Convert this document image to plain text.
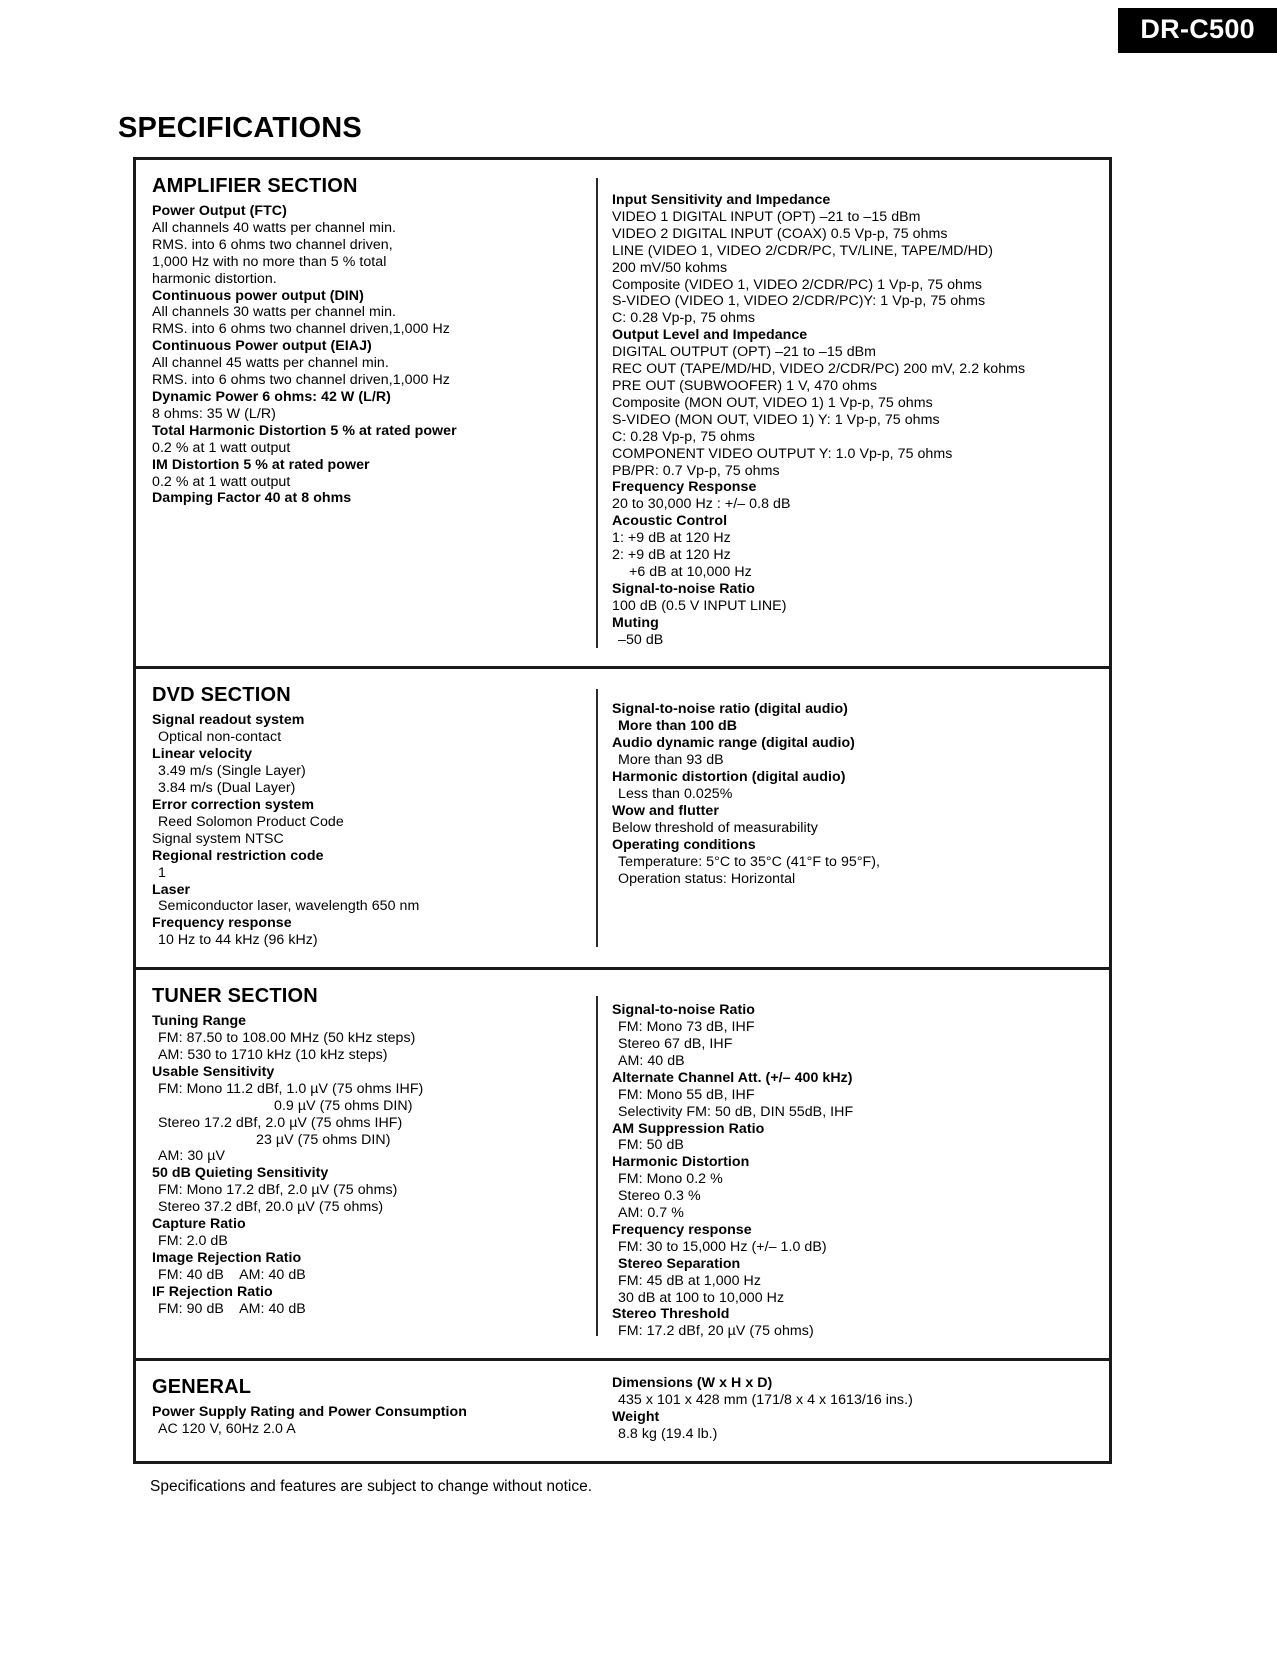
DR-C500
SPECIFICATIONS
AMPLIFIER SECTION
Power Output (FTC)
All channels 40 watts per channel min.
RMS. into 6 ohms two channel driven,
1,000 Hz with no more than 5 % total
harmonic distortion.
Continuous power output (DIN)
All channels 30 watts per channel min.
RMS. into 6 ohms two channel driven,1,000 Hz
Continuous Power output (EIAJ)
All channel 45 watts per channel min.
RMS. into 6 ohms two channel driven,1,000 Hz
Dynamic Power 6 ohms: 42 W (L/R)
8 ohms: 35 W (L/R)
Total Harmonic Distortion 5 % at rated power
0.2 % at 1 watt output
IM Distortion 5 % at rated power
0.2 % at 1 watt output
Damping Factor 40 at 8 ohms
Input Sensitivity and Impedance
VIDEO 1 DIGITAL INPUT (OPT) –21 to –15 dBm
VIDEO 2 DIGITAL INPUT (COAX) 0.5 Vp-p, 75 ohms
LINE (VIDEO 1, VIDEO 2/CDR/PC, TV/LINE, TAPE/MD/HD)
200 mV/50 kohms
Composite (VIDEO 1, VIDEO 2/CDR/PC) 1 Vp-p, 75 ohms
S-VIDEO (VIDEO 1, VIDEO 2/CDR/PC)Y: 1 Vp-p, 75 ohms
C: 0.28 Vp-p, 75 ohms
Output Level and Impedance
DIGITAL OUTPUT (OPT) –21 to –15 dBm
REC OUT (TAPE/MD/HD, VIDEO 2/CDR/PC) 200 mV, 2.2 kohms
PRE OUT (SUBWOOFER) 1 V, 470 ohms
Composite (MON OUT, VIDEO 1) 1 Vp-p, 75 ohms
S-VIDEO (MON OUT, VIDEO 1) Y: 1 Vp-p, 75 ohms
C: 0.28 Vp-p, 75 ohms
COMPONENT VIDEO OUTPUT Y: 1.0 Vp-p, 75 ohms
PB/PR: 0.7 Vp-p, 75 ohms
Frequency Response
20 to 30,000 Hz : +/– 0.8 dB
Acoustic Control
1: +9 dB at 120 Hz
2: +9 dB at 120 Hz
+6 dB at 10,000 Hz
Signal-to-noise Ratio
100 dB (0.5 V INPUT LINE)
Muting
–50 dB
DVD SECTION
Signal readout system
Optical non-contact
Linear velocity
3.49 m/s (Single Layer)
3.84 m/s (Dual Layer)
Error correction system
Reed Solomon Product Code
Signal system NTSC
Regional restriction code
1
Laser
Semiconductor laser, wavelength 650 nm
Frequency response
10 Hz to 44 kHz (96 kHz)
Signal-to-noise ratio (digital audio)
More than 100 dB
Audio dynamic range (digital audio)
More than 93 dB
Harmonic distortion (digital audio)
Less than 0.025%
Wow and flutter
Below threshold of measurability
Operating conditions
Temperature: 5°C to 35°C (41°F to 95°F),
Operation status: Horizontal
TUNER SECTION
Tuning Range
FM: 87.50 to 108.00 MHz (50 kHz steps)
AM: 530 to 1710 kHz (10 kHz steps)
Usable Sensitivity
FM: Mono 11.2 dBf, 1.0 µV (75 ohms IHF)
0.9 µV (75 ohms DIN)
Stereo 17.2 dBf, 2.0 µV (75 ohms IHF)
23 µV (75 ohms DIN)
AM: 30 µV
50 dB Quieting Sensitivity
FM: Mono 17.2 dBf, 2.0 µV (75 ohms)
Stereo 37.2 dBf, 20.0 µV (75 ohms)
Capture Ratio
FM: 2.0 dB
Image Rejection Ratio
FM: 40 dB    AM: 40 dB
IF Rejection Ratio
FM: 90 dB    AM: 40 dB
Signal-to-noise Ratio
FM: Mono 73 dB, IHF
Stereo 67 dB, IHF
AM: 40 dB
Alternate Channel Att. (+/– 400 kHz)
FM: Mono 55 dB, IHF
Selectivity FM: 50 dB, DIN 55dB, IHF
AM Suppression Ratio
FM: 50 dB
Harmonic Distortion
FM: Mono 0.2 %
Stereo 0.3 %
AM: 0.7 %
Frequency response
FM: 30 to 15,000 Hz (+/– 1.0 dB)
Stereo Separation
FM: 45 dB at 1,000 Hz
30 dB at 100 to 10,000 Hz
Stereo Threshold
FM: 17.2 dBf, 20 µV (75 ohms)
GENERAL
Power Supply Rating and Power Consumption
AC 120 V, 60Hz 2.0 A
Dimensions (W x H x D)
435 x 101 x 428 mm (171/8 x 4 x 1613/16 ins.)
Weight
8.8 kg (19.4 lb.)
Specifications and features are subject to change without notice.
